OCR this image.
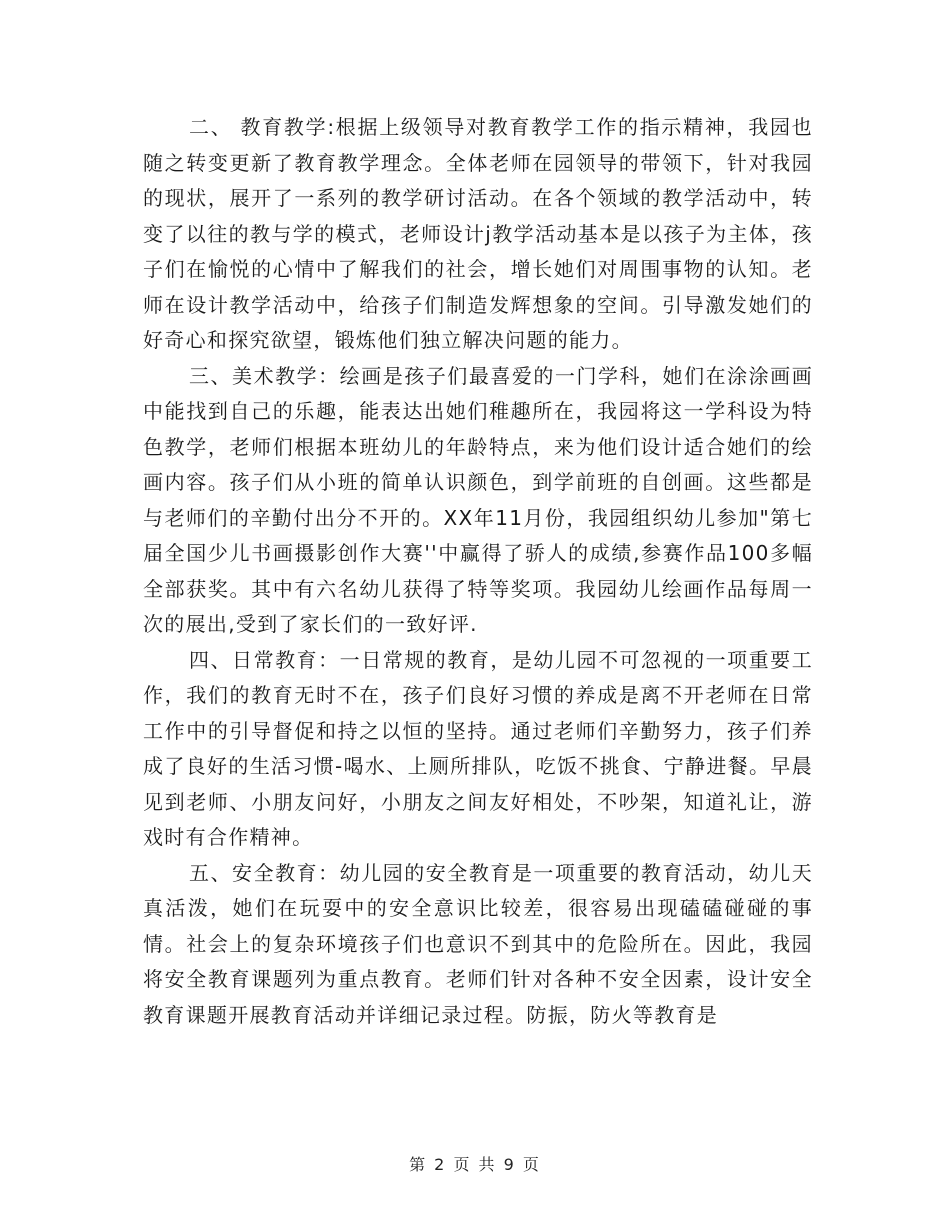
二、 教育教学:根据上级领导对教育教学工作的指示精神，我园也随之转变更新了教育教学理念。全体老师在园领导的带领下，针对我园的现状，展开了一系列的教学研讨活动。在各个领域的教学活动中，转变了以往的教与学的模式，老师设计j教学活动基本是以孩子为主体，孩子们在愉悦的心情中了解我们的社会，增长她们对周围事物的认知。老师在设计教学活动中，给孩子们制造发辉想象的空间。引导激发她们的好奇心和探究欲望，锻炼他们独立解决问题的能力。

三、美术教学：绘画是孩子们最喜爱的一门学科，她们在涂涂画画中能找到自己的乐趣，能表达出她们稚趣所在，我园将这一学科设为特色教学，老师们根据本班幼儿的年龄特点，来为他们设计适合她们的绘画内容。孩子们从小班的简单认识颜色，到学前班的自创画。这些都是与老师们的辛勤付出分不开的。XX年11月份，我园组织幼儿参加"第七届全国少儿书画摄影创作大赛''中赢得了骄人的成绩,参赛作品100多幅全部获奖。其中有六名幼儿获得了特等奖项。我园幼儿绘画作品每周一次的展出,受到了家长们的一致好评.

四、日常教育：一日常规的教育，是幼儿园不可忽视的一项重要工作，我们的教育无时不在，孩子们良好习惯的养成是离不开老师在日常工作中的引导督促和持之以恒的坚持。通过老师们辛勤努力，孩子们养成了良好的生活习惯-喝水、上厕所排队，吃饭不挑食、宁静进餐。早晨见到老师、小朋友问好，小朋友之间友好相处，不吵架，知道礼让，游戏时有合作精神。

五、安全教育：幼儿园的安全教育是一项重要的教育活动，幼儿天真活泼，她们在玩耍中的安全意识比较差，很容易出现磕磕碰碰的事情。社会上的复杂环境孩子们也意识不到其中的危险所在。因此，我园将安全教育课题列为重点教育。老师们针对各种不安全因素，设计安全教育课题开展教育活动并详细记录过程。防振，防火等教育是

第 2 页 共 9 页
